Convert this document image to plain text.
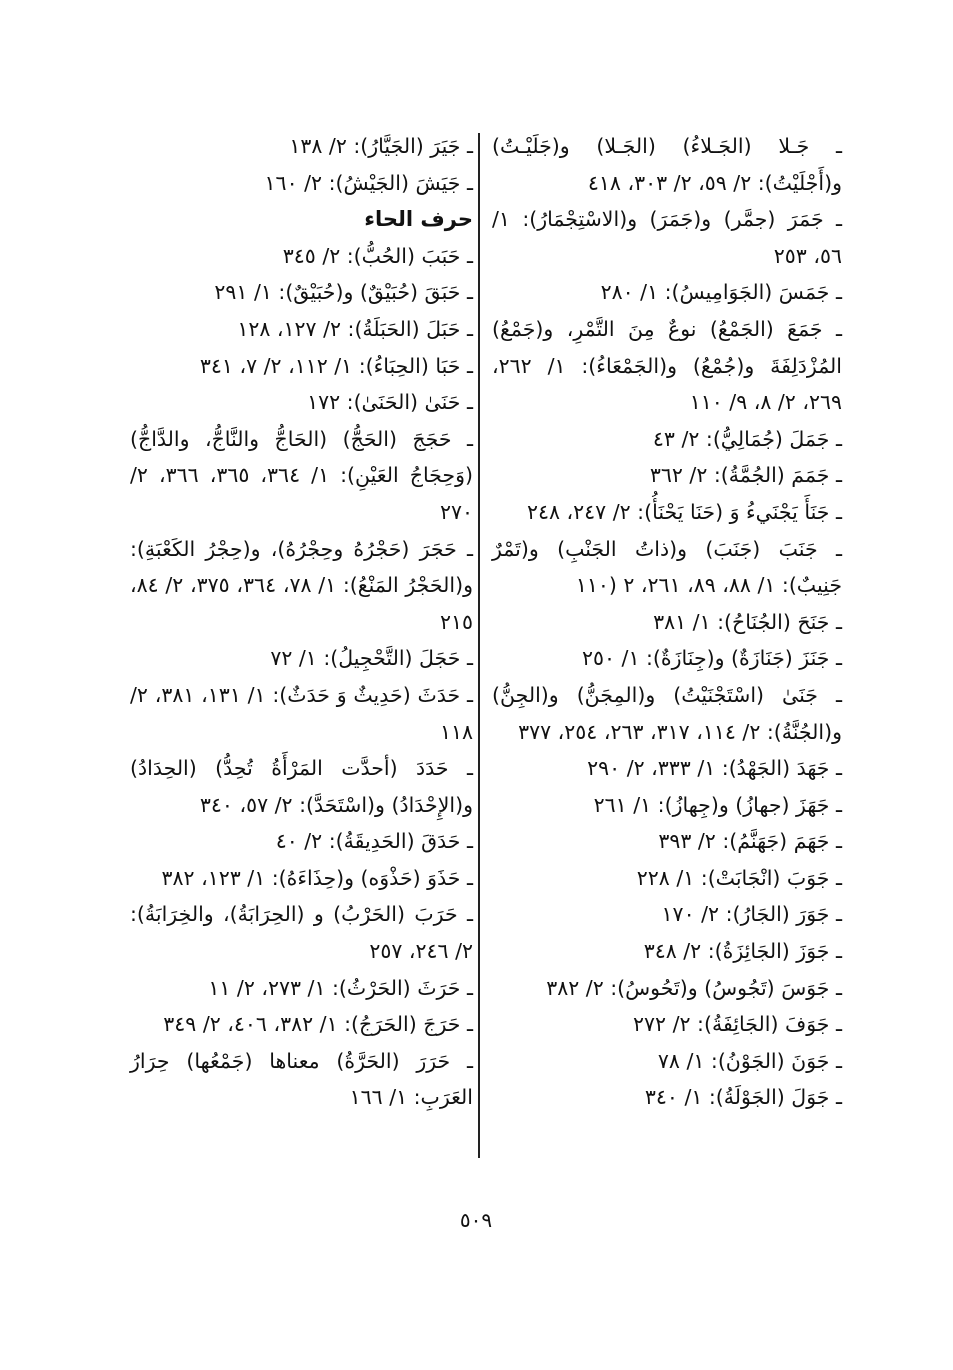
ـ جَـلا (الجَـلاءُ) (الجَـلا) و(جَلَيْـتُ) و(أَجْلَيْتُ): ٢/ ٥٩، ٢/ ٣٠٣، ٤١٨

ـ جَمَرَ (جمَّر) و(جَمَرَ) و(الاسْتِجْمَارُ): ١/ ٥٦، ٢٥٣

ـ جَمَسَ (الجَوَامِيسُ): ١/ ٢٨٠

ـ جَمَعَ (الجَمْعُ) نوعٌ مِنَ التَّمْرِ، و(جَمْعُ) المُزْدَلِفَةَ و(جُمْعُ) و(الجَمْعَاءُ): ١/ ٢٦٢، ٢٦٩، ٢/ ٨، ٩/ ١١٠

ـ جَمَلَ (جُمَالِيُّ): ٢/ ٤٣

ـ جَمَمَ (الجُمَّةُ): ٢/ ٣٦٢

ـ جَنَأَ يَجْنَيءُ وَ (حَنَا يَحْنَأُ): ٢/ ٢٤٧، ٢٤٨

ـ جَنَبَ (جَنَبَ) و(ذاتُ الجَنْبِ) و(تَمْرٌ جَنِيبٌ): ١/ ٨٨، ٨٩، ٢٦١، ٢ (١١٠

ـ جَنَحَ (الجُنَاحُ): ١/ ٣٨١

ـ جَنَزَ (جَنَازَةٌ) و(جِنَازَةٌ): ١/ ٢٥٠

ـ جَنَىٰ (اسْتَجْنَيْتُ) و(المِجَنُّ) و(الجِنُّ) و(الجُنَّةُ): ٢/ ١١٤، ٣١٧، ٢٦٣، ٢٥٤، ٣٧٧

ـ جَهَدَ (الجَهْدُ): ١/ ٣٣٣، ٢/ ٢٩٠

ـ جَهَزَ (جهازُ) و(جِهازُ): ١/ ٢٦١

ـ جَهَمَ (جَهَنَّمُ): ٢/ ٣٩٣

ـ جَوَبَ (انْجَابَتْ): ١/ ٢٢٨

ـ جَوَرَ (الجَارُ): ٢/ ١٧٠

ـ جَوَزَ (الجَائِزَةُ): ٢/ ٣٤٨

ـ جَوَسَ (تَجُوسُ) و(تَحُوسُ): ٢/ ٣٨٢

ـ جَوَفَ (الجَائِفَةُ): ٢/ ٢٧٢

ـ جَوَنَ (الجَوْنُ): ١/ ٧٨

ـ جَوَلَ (الجَوْلَةُ): ١/ ٣٤٠

ـ جَيَرَ (الجَيَّارُ): ٢/ ١٣٨

ـ جَيَشَ (الجَيْشُ): ٢/ ١٦٠

حرف الحاء

ـ حَبَبَ (الحُبُّ): ٢/ ٣٤٥

ـ حَبَقَ (حُبَيْقٌ) و(حُبَيْقٌ): ١/ ٢٩١

ـ حَبَلَ (الحَبَلَةُ): ٢/ ١٢٧، ١٢٨

ـ حَبَا (الحِبَاءُ): ١/ ١١٢، ٢/ ٧، ٣٤١

ـ حَنَىٰ (الحَنَىٰ): ١٧٢

ـ حَجَجَ (الحَجُّ) (الحَاجُّ والنَّاجُّ، والدَّاجُّ) (وَحِجَاجُ العَيْنِ): ١/ ٣٦٤، ٣٦٥، ٣٦٦، ٢/ ٢٧٠

ـ حَجَرَ (حَجْرُهُ وحِجْرُهُ)، و(حِجْرُ الكَعْبَةِ): و(الحَجْرُ المَنْعُ): ١/ ٧٨، ٣٦٤، ٣٧٥، ٢/ ٨٤، ٢١٥

ـ حَجَلَ (التَّحْجِيلُ): ١/ ٧٢

ـ حَدَثَ (حَدِيثٌ وَ حَدَثٌ): ١/ ١٣١، ٣٨١، ٢/ ١١٨

ـ حَدَدَ (أحدَّت المَرْأَةُ تُحِدُّ) (الحِدَادُ) و(الإِحْدَادُ) و(اسْتَحَدَّ): ٢/ ٥٧، ٣٤٠

ـ حَدَقَ (الحَدِيقَةُ): ٢/ ٤٠

ـ حَذَوَ (حَذْوَه) و(حِذَاءَهُ): ١/ ١٢٣، ٣٨٢

ـ حَرَبَ (الحَرْبُ) و (الحِرَابَةُ)، والخِرَابَةُ): ٢/ ٢٤٦، ٢٥٧

ـ حَرَثَ (الحَرْثُ): ١/ ٢٧٣، ٢/ ١١

ـ حَرَجَ (الحَرَجُ): ١/ ٣٨٢، ٤٠٦، ٢/ ٣٤٩

ـ حَرَرَ (الحَرَّةُ) معناها (جَمْعُها) حِرَارُ العَرَبِ: ١/ ١٦٦

٥٠٩
